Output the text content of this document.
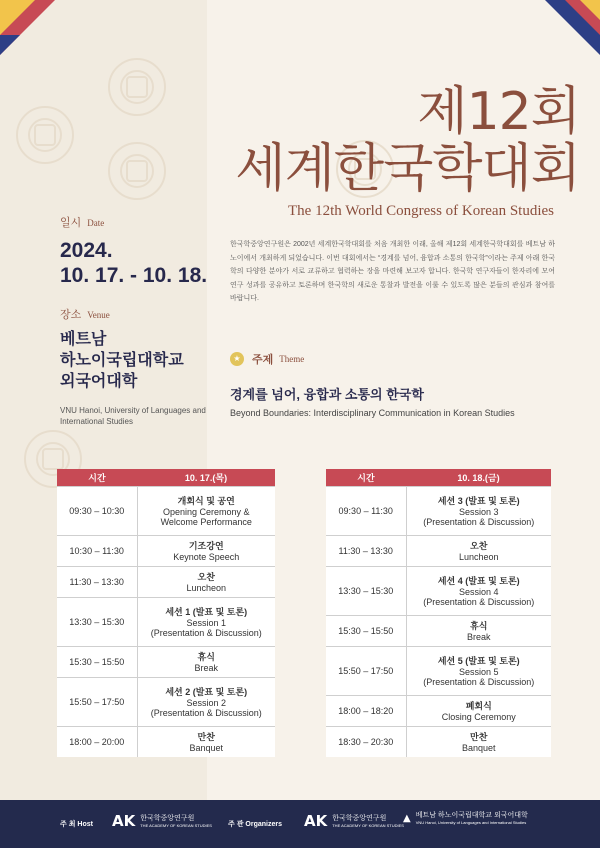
제12회
세계한국학대회
The 12th World Congress of Korean Studies
일시 Date
2024.
10. 17. - 10. 18.
장소 Venue
베트남
하노이국립대학교
외국어대학
VNU Hanoi, University of Languages and International Studies

한국학중앙연구원은 2002년 세계한국학대회를 처음 개최한 이래, 올해 제12회 세계한국학대회를 베트남 하노이에서 개최하게 되었습니다. 이번 대회에서는 “경계를 넘어, 융합과 소통의 한국학”이라는 주제 아래 한국학의 다양한 분야가 서로 교류하고 협력하는 장을 마련해 보고자 합니다. 한국학 연구자들이 한자리에 모여 연구 성과를 공유하고 토론하며 한국학의 새로운 통찰과 발전을 이룰 수 있도록 많은 분들의 관심과 참여를 바랍니다.

★	주제 Theme
경계를 넘어, 융합과 소통의 한국학
Beyond Boundaries: Interdisciplinary Communication in Korean Studies
시간	10. 17.(목)
09:30 – 10:30	개회식 및 공연
Opening Ceremony &
Welcome Performance

10:30 – 11:30	기조강연
Keynote Speech

11:30 – 13:30	오찬
Luncheon

13:30 – 15:30	세션 1 (발표 및 토론)
Session 1
(Presentation & Discussion)

15:30 – 15:50	휴식
Break

15:50 – 17:50	세션 2 (발표 및 토론)
Session 2
(Presentation & Discussion)

18:00 – 20:00	만찬
Banquet
시간	10. 18.(금)
09:30 – 11:30	세션 3 (발표 및 토론)
Session 3
(Presentation & Discussion)

11:30 – 13:30	오찬
Luncheon

13:30 – 15:30	세션 4 (발표 및 토론)
Session 4
(Presentation & Discussion)

15:30 – 15:50	휴식
Break

15:50 – 17:50	세션 5 (발표 및 토론)
Session 5
(Presentation & Discussion)

18:00 – 18:20	폐회식
Closing Ceremony

18:30 – 20:30	만찬
Banquet
주 최 Host AK 한국학중앙연구원
THE ACADEMY OF KOREAN STUDIES 주 관 Organizers AK 한국학중앙연구원
THE ACADEMY OF KOREAN STUDIES
▲ 베트남 하노이국립대학교 외국어대학
VNU Hanoi, University of Languages and International Studies
